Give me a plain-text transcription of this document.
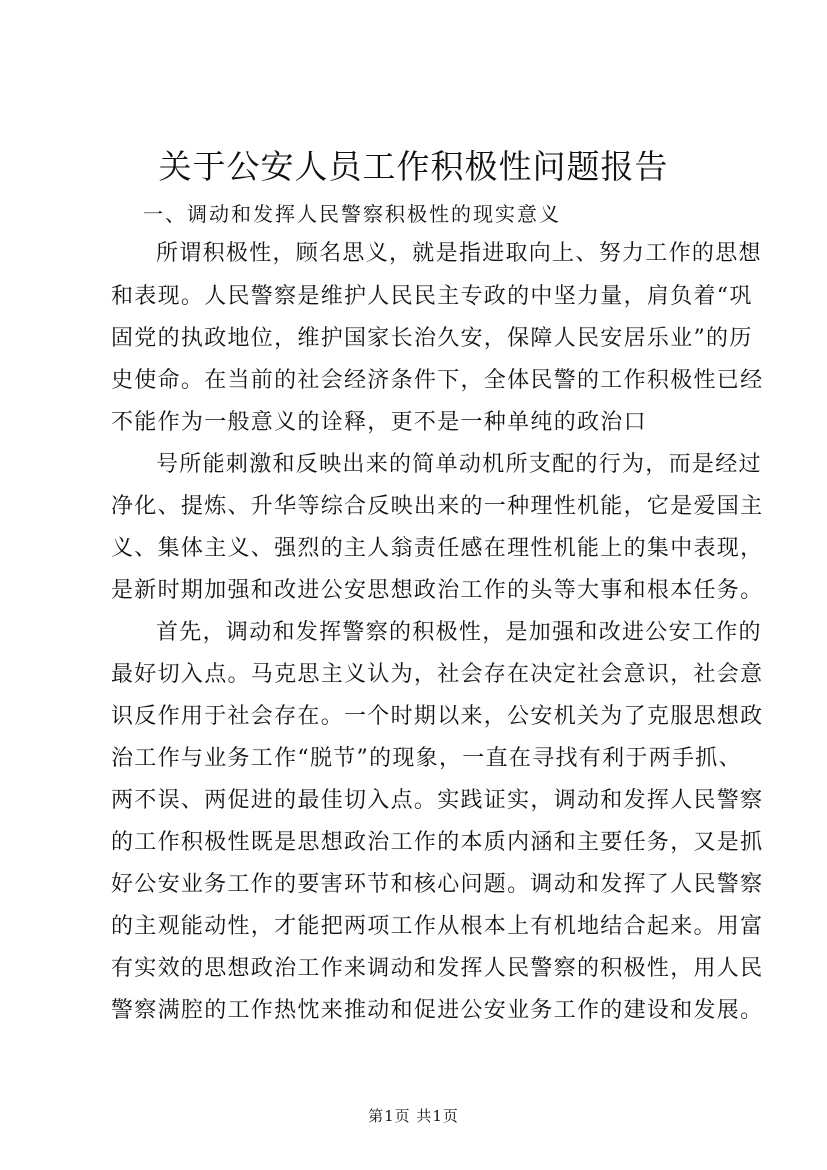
关于公安人员工作积极性问题报告

一、调动和发挥人民警察积极性的现实意义

所谓积极性，顾名思义，就是指进取向上、努力工作的思想

和表现。人民警察是维护人民民主专政的中坚力量，肩负着“巩

固党的执政地位，维护国家长治久安，保障人民安居乐业”的历

史使命。在当前的社会经济条件下，全体民警的工作积极性已经

不能作为一般意义的诠释，更不是一种单纯的政治口

号所能刺激和反映出来的简单动机所支配的行为，而是经过

净化、提炼、升华等综合反映出来的一种理性机能，它是爱国主

义、集体主义、强烈的主人翁责任感在理性机能上的集中表现，

是新时期加强和改进公安思想政治工作的头等大事和根本任务。

首先，调动和发挥警察的积极性，是加强和改进公安工作的

最好切入点。马克思主义认为，社会存在决定社会意识，社会意

识反作用于社会存在。一个时期以来，公安机关为了克服思想政

治工作与业务工作“脱节”的现象，一直在寻找有利于两手抓、

两不误、两促进的最佳切入点。实践证实，调动和发挥人民警察

的工作积极性既是思想政治工作的本质内涵和主要任务，又是抓

好公安业务工作的要害环节和核心问题。调动和发挥了人民警察

的主观能动性，才能把两项工作从根本上有机地结合起来。用富

有实效的思想政治工作来调动和发挥人民警察的积极性，用人民

警察满腔的工作热忱来推动和促进公安业务工作的建设和发展。

第1页 共1页
